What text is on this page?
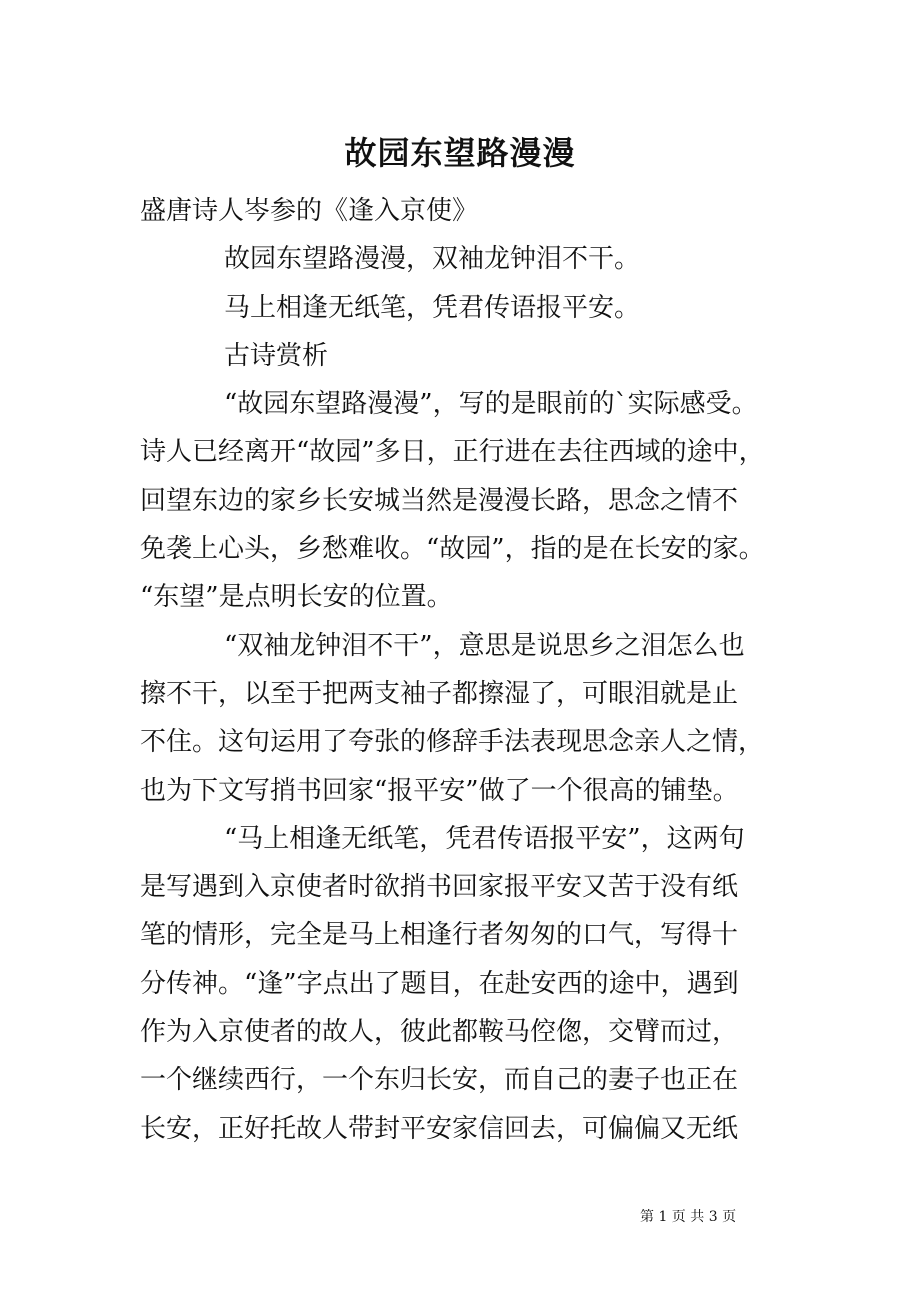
故园东望路漫漫
盛唐诗人岑参的《逢入京使》
故园东望路漫漫，双袖龙钟泪不干。
马上相逢无纸笔，凭君传语报平安。
古诗赏析
“故园东望路漫漫”，写的是眼前的`实际感受。
诗人已经离开“故园”多日，正行进在去往西域的途中，
回望东边的家乡长安城当然是漫漫长路，思念之情不
免袭上心头，乡愁难收。“故园”，指的是在长安的家。
“东望”是点明长安的位置。
“双袖龙钟泪不干”，意思是说思乡之泪怎么也
擦不干，以至于把两支袖子都擦湿了，可眼泪就是止
不住。这句运用了夸张的修辞手法表现思念亲人之情，
也为下文写捎书回家“报平安”做了一个很高的铺垫。
“马上相逢无纸笔，凭君传语报平安”，这两句
是写遇到入京使者时欲捎书回家报平安又苦于没有纸
笔的情形，完全是马上相逢行者匆匆的口气，写得十
分传神。“逢”字点出了题目，在赴安西的途中，遇到
作为入京使者的故人，彼此都鞍马倥偬，交臂而过，
一个继续西行，一个东归长安，而自己的妻子也正在
长安，正好托故人带封平安家信回去，可偏偏又无纸
第 1 页 共 3 页
